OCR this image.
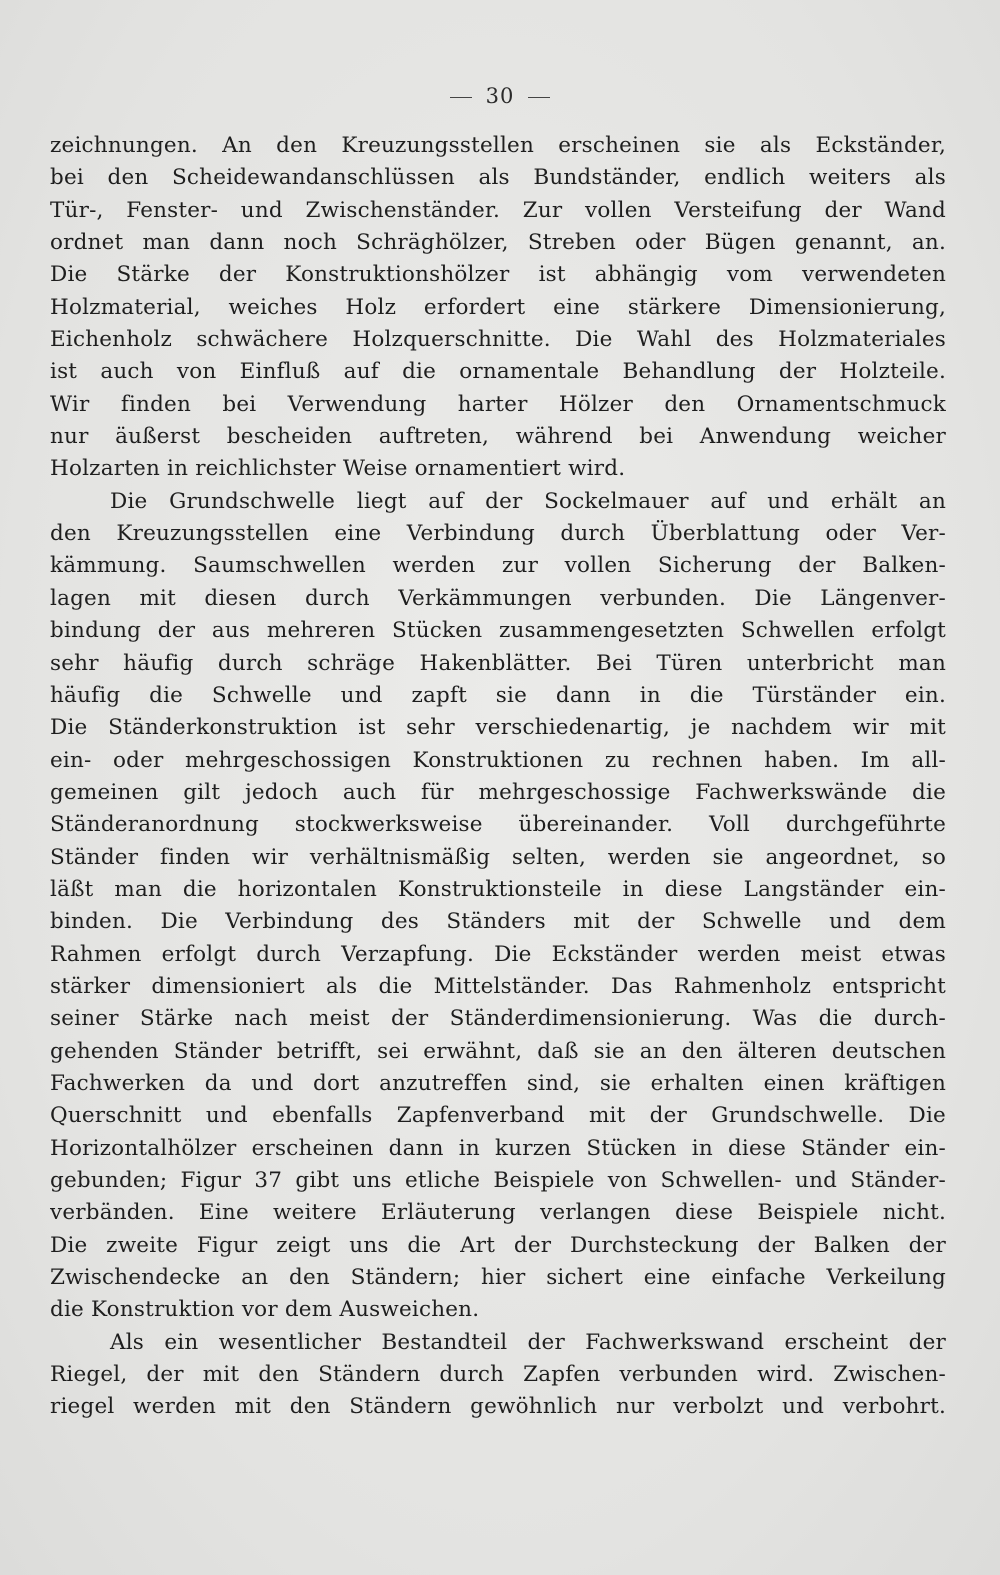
30
zeichnungen. An den Kreuzungsstellen erscheinen sie als Eckständer,
bei den Scheidewandanschlüssen als Bundständer, endlich weiters als
Tür-, Fenster- und Zwischenständer. Zur vollen Versteifung der Wand
ordnet man dann noch Schräghölzer, Streben oder Bügen genannt, an.
Die Stärke der Konstruktionshölzer ist abhängig vom verwendeten
Holzmaterial, weiches Holz erfordert eine stärkere Dimensionierung,
Eichenholz schwächere Holzquerschnitte. Die Wahl des Holzmateriales
ist auch von Einfluß auf die ornamentale Behandlung der Holzteile.
Wir finden bei Verwendung harter Hölzer den Ornamentschmuck
nur äußerst bescheiden auftreten, während bei Anwendung weicher
Holzarten in reichlichster Weise ornamentiert wird.
Die Grundschwelle liegt auf der Sockelmauer auf und erhält an
den Kreuzungsstellen eine Verbindung durch Überblattung oder Ver-
kämmung. Saumschwellen werden zur vollen Sicherung der Balken-
lagen mit diesen durch Verkämmungen verbunden. Die Längenver-
bindung der aus mehreren Stücken zusammengesetzten Schwellen erfolgt
sehr häufig durch schräge Hakenblätter. Bei Türen unterbricht man
häufig die Schwelle und zapft sie dann in die Türständer ein.
Die Ständerkonstruktion ist sehr verschiedenartig, je nachdem wir mit
ein- oder mehrgeschossigen Konstruktionen zu rechnen haben. Im all-
gemeinen gilt jedoch auch für mehrgeschossige Fachwerkswände die
Ständeranordnung stockwerksweise übereinander. Voll durchgeführte
Ständer finden wir verhältnismäßig selten, werden sie angeordnet, so
läßt man die horizontalen Konstruktionsteile in diese Langständer ein-
binden. Die Verbindung des Ständers mit der Schwelle und dem
Rahmen erfolgt durch Verzapfung. Die Eckständer werden meist etwas
stärker dimensioniert als die Mittelständer. Das Rahmenholz entspricht
seiner Stärke nach meist der Ständerdimensionierung. Was die durch-
gehenden Ständer betrifft, sei erwähnt, daß sie an den älteren deutschen
Fachwerken da und dort anzutreffen sind, sie erhalten einen kräftigen
Querschnitt und ebenfalls Zapfenverband mit der Grundschwelle. Die
Horizontalhölzer erscheinen dann in kurzen Stücken in diese Ständer ein-
gebunden; Figur 37 gibt uns etliche Beispiele von Schwellen- und Ständer-
verbänden. Eine weitere Erläuterung verlangen diese Beispiele nicht.
Die zweite Figur zeigt uns die Art der Durchsteckung der Balken der
Zwischendecke an den Ständern; hier sichert eine einfache Verkeilung
die Konstruktion vor dem Ausweichen.
Als ein wesentlicher Bestandteil der Fachwerkswand erscheint der
Riegel, der mit den Ständern durch Zapfen verbunden wird. Zwischen-
riegel werden mit den Ständern gewöhnlich nur verbolzt und verbohrt.
